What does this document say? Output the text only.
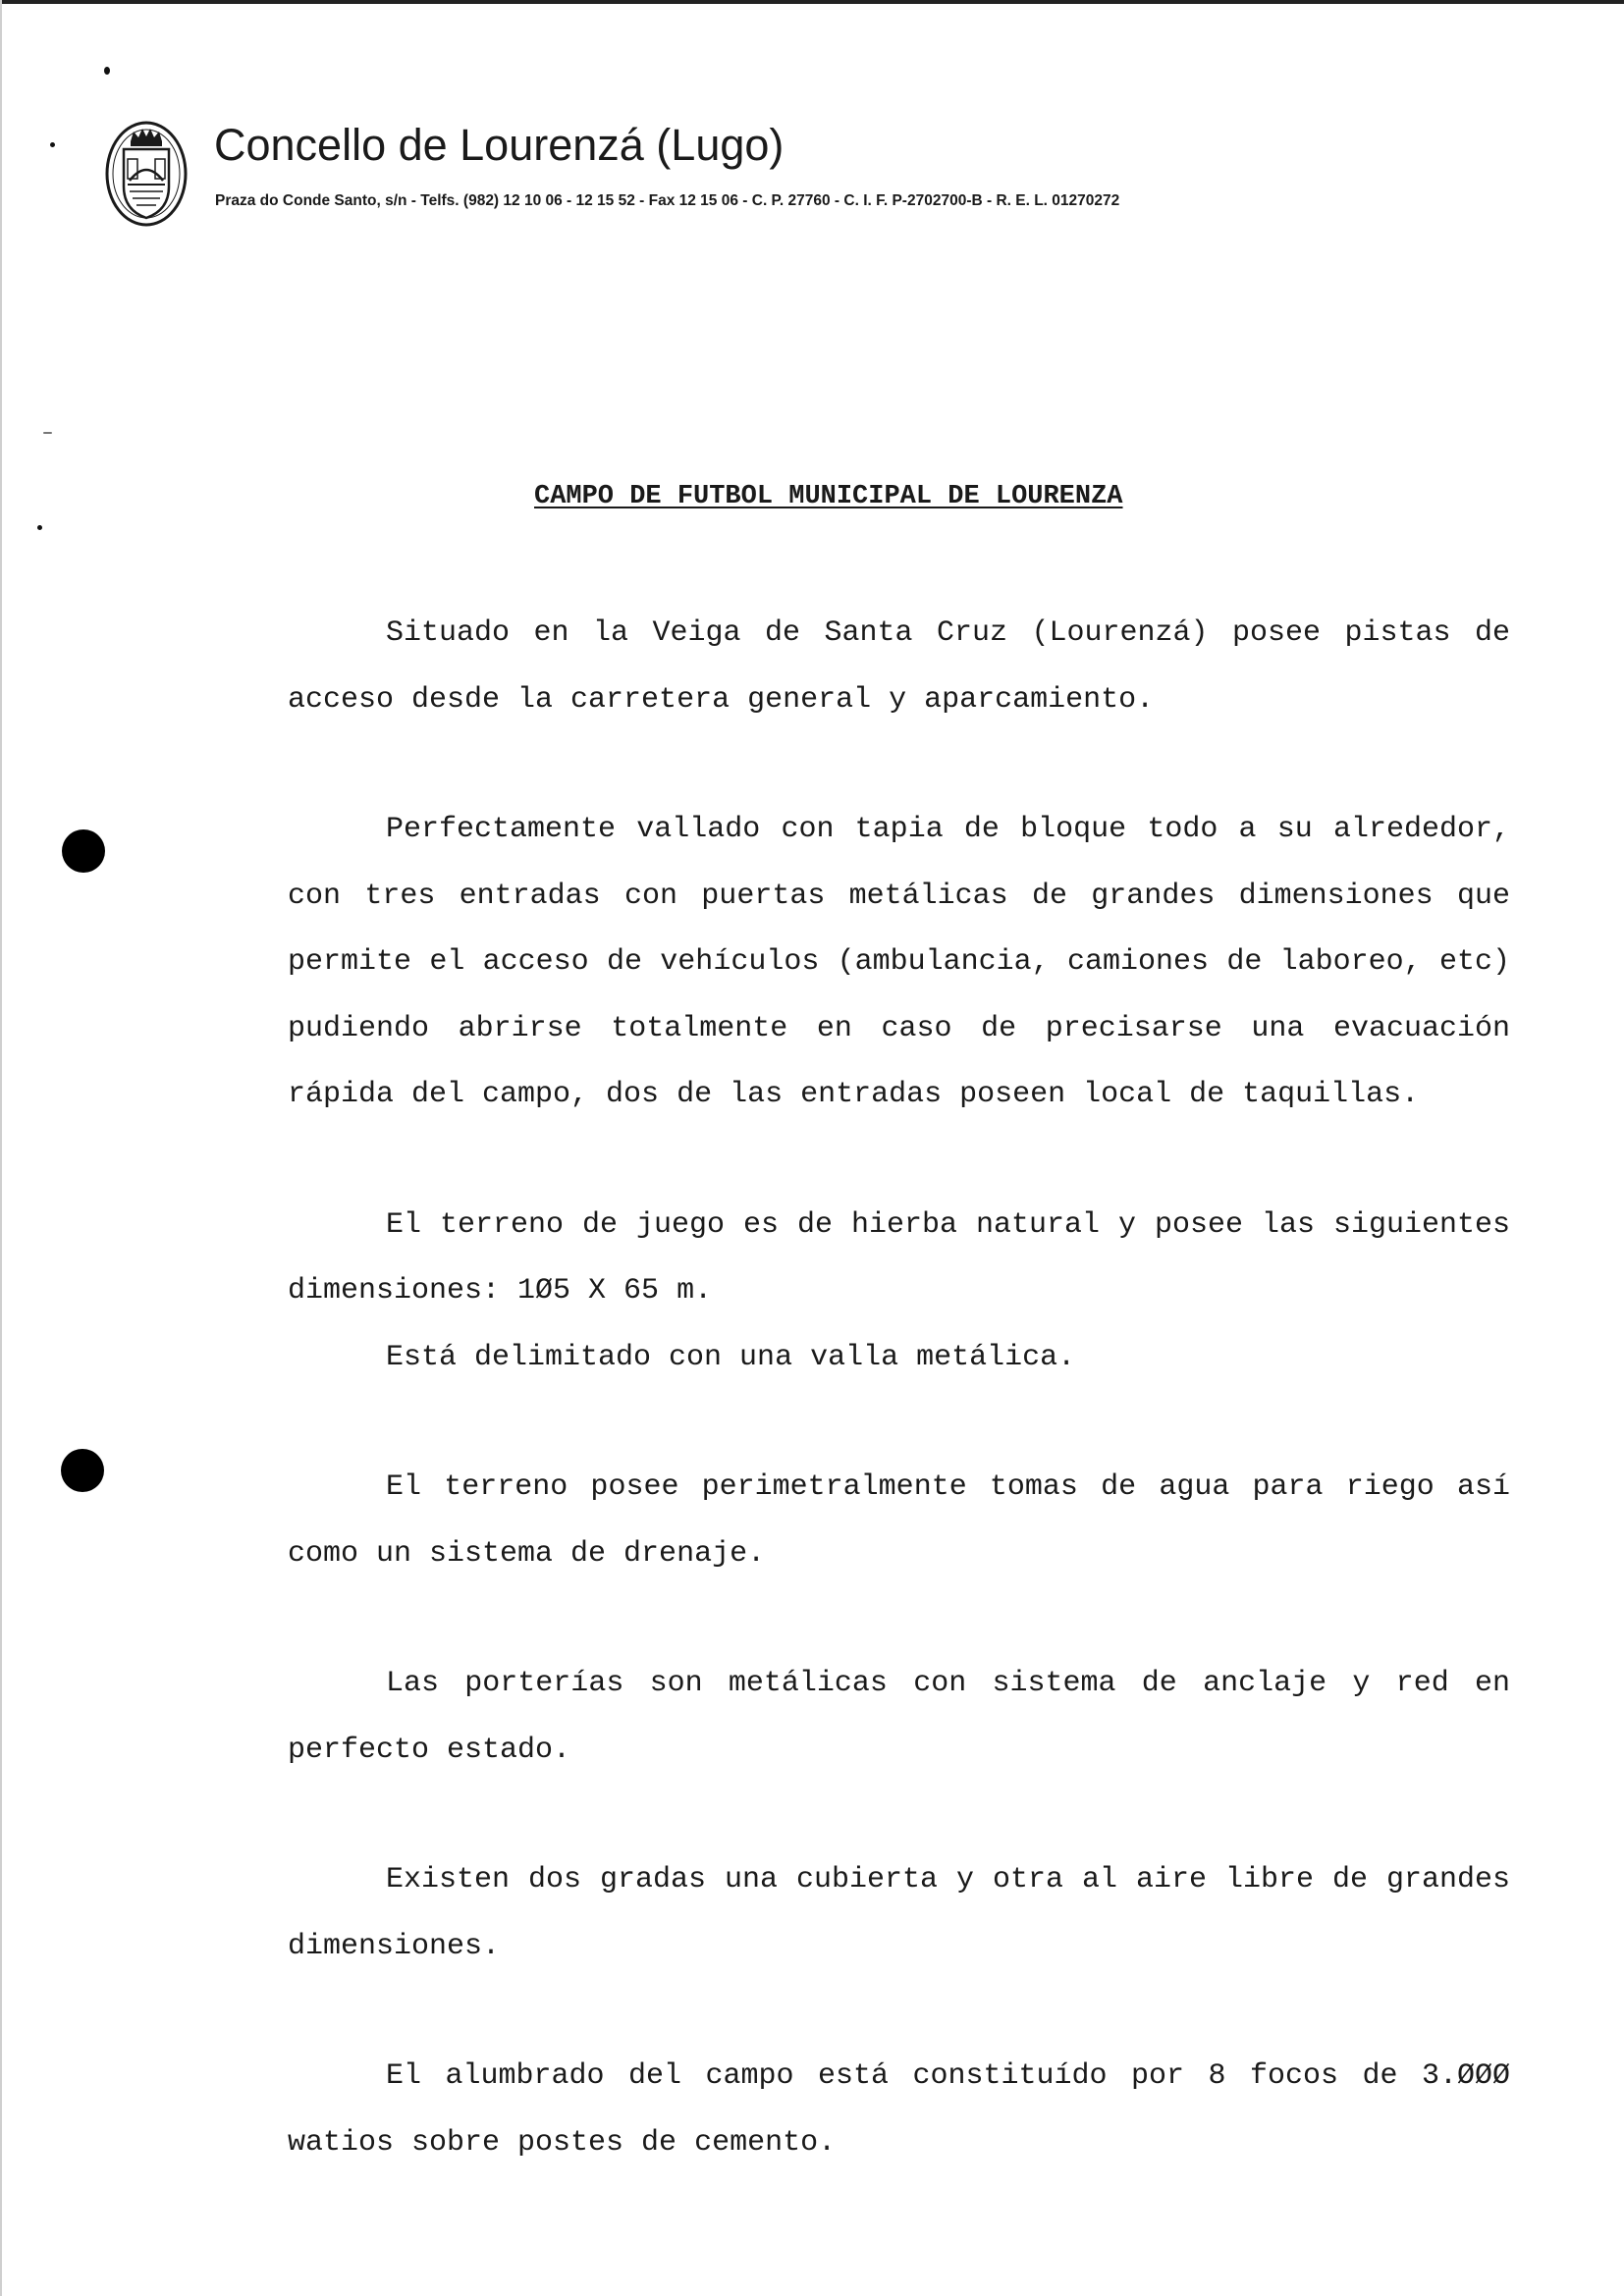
Concello de Lourenzá (Lugo)

Praza do Conde Santo, s/n - Telfs. (982) 12 10 06 - 12 15 52 - Fax 12 15 06 - C. P. 27760 - C. I. F. P-2702700-B - R. E. L. 01270272

CAMPO DE FUTBOL MUNICIPAL DE LOURENZA

Situado en la Veiga de Santa Cruz (Lourenzá) posee pistas de acceso desde la carretera general y aparcamiento.

Perfectamente vallado con tapia de bloque todo a su alrededor, con tres entradas con puertas metálicas de grandes dimensiones que permite el acceso de vehículos (ambulancia, camiones de laboreo, etc) pudiendo abrirse totalmente en caso de precisarse una evacuación rápida del campo, dos de las entradas poseen local de taquillas.

El terreno de juego es de hierba natural y posee las siguientes dimensiones: 1Ø5 X 65 m.

Está delimitado con una valla metálica.

El terreno posee perimetralmente tomas de agua para riego así como un sistema de drenaje.

Las porterías son metálicas con sistema de anclaje y red en perfecto estado.

Existen dos gradas una cubierta y otra al aire libre de grandes dimensiones.

El alumbrado del campo está constituído por 8 focos de 3.ØØØ watios sobre postes de cemento.
